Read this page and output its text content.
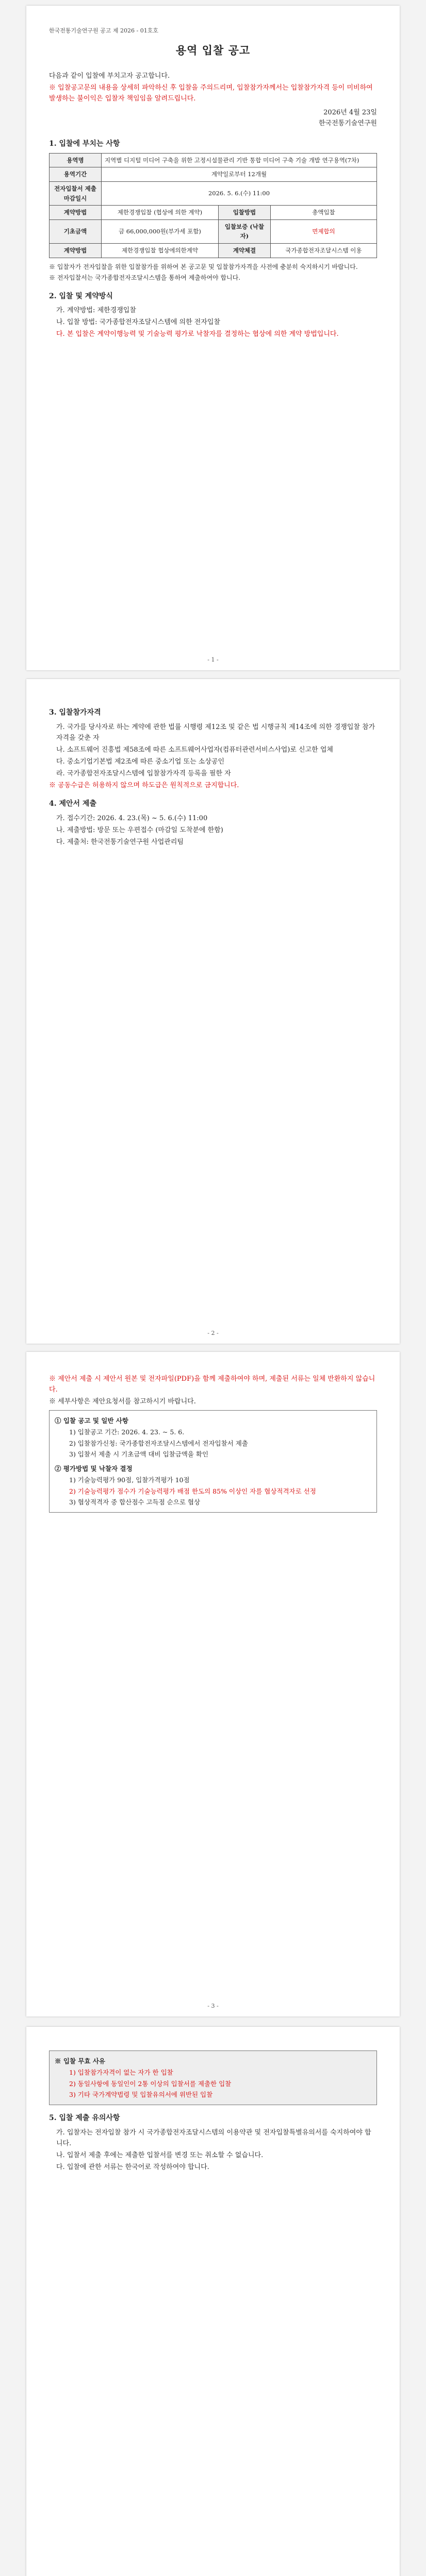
한국전통기술연구원 공고 제 2026 - 01호호
용역 입찰 공고
다음과 같이 입찰에 부치고자 공고합니다.
※ 입찰공고문의 내용을 상세히 파악하신 후 입찰을 주의드리며, 입찰참가자께서는 입찰참가자격 등이 미비하여 발생하는 불이익은 입찰자 책임임을 알려드립니다.
2026년 4월 23일
한국전통기술연구원
1. 입찰에 부치는 사항
용역명	지역별 디지털 미디어 구축을 위한 고정시설물관리 기반 통합 미디어 구축 기술 개발 연구용역(7차)		
용역기간	계약일로부터 12개월		
전자입찰서 제출마감일시	2026. 5. 6.(수) 11:00		
계약방법	제한경쟁입찰 (협상에 의한 계약)	입찰방법	총액입찰
기초금액	금 66,000,000원(부가세 포함)	입찰보증 (낙찰자)	면제합의
계약방법	제한경쟁입찰 협상에의한계약	계약체결	국가종합전자조달시스템 이용
※ 입찰자가 전자입찰을 위한 입찰참가를 위하여 본 공고문 및 입찰참가자격을 사전에 충분히 숙지하시기 바랍니다.
※ 전자입찰서는 국가종합전자조달시스템을 통하여 제출하여야 합니다.
2. 입찰 및 계약방식
가. 계약방법: 제한경쟁입찰
나. 입찰 방법: 국가종합전자조달시스템에 의한 전자입찰
다. 본 입찰은 계약이행능력 및 기술능력 평가로 낙찰자를 결정하는 협상에 의한 계약 방법입니다.
- 1 -
3. 입찰참가자격
가. 국가를 당사자로 하는 계약에 관한 법률 시행령 제12조 및 같은 법 시행규칙 제14조에 의한 경쟁입찰 참가자격을 갖춘 자
나. 소프트웨어 진흥법 제58조에 따른 소프트웨어사업자(컴퓨터관련서비스사업)로 신고한 업체
다. 중소기업기본법 제2조에 따른 중소기업 또는 소상공인
라. 국가종합전자조달시스템에 입찰참가자격 등록을 필한 자
※ 공동수급은 허용하지 않으며 하도급은 원칙적으로 금지합니다.
4. 제안서 제출
가. 접수기간: 2026. 4. 23.(목) ~ 5. 6.(수) 11:00
나. 제출방법: 방문 또는 우편접수 (마감일 도착분에 한함)
다. 제출처: 한국전통기술연구원 사업관리팀
- 2 -
※ 제안서 제출 시 제안서 원본 및 전자파일(PDF)을 함께 제출하여야 하며, 제출된 서류는 일체 반환하지 않습니다.
※ 세부사항은 제안요청서를 참고하시기 바랍니다.
① 입찰 공고 및 일반 사항
1) 입찰공고 기간: 2026. 4. 23. ~ 5. 6.
2) 입찰참가신청: 국가종합전자조달시스템에서 전자입찰서 제출
3) 입찰서 제출 시 기초금액 대비 입찰금액을 확인
② 평가방법 및 낙찰자 결정
1) 기술능력평가 90점, 입찰가격평가 10점
2) 기술능력평가 점수가 기술능력평가 배점 한도의 85% 이상인 자를 협상적격자로 선정
3) 협상적격자 중 합산점수 고득점 순으로 협상
- 3 -
※ 입찰 무효 사유
1) 입찰참가자격이 없는 자가 한 입찰
2) 동일사항에 동일인이 2통 이상의 입찰서를 제출한 입찰
3) 기타 국가계약법령 및 입찰유의서에 위반된 입찰
5. 입찰 제출 유의사항
가. 입찰자는 전자입찰 참가 시 국가종합전자조달시스템의 이용약관 및 전자입찰특별유의서를 숙지하여야 합니다.
나. 입찰서 제출 후에는 제출한 입찰서를 변경 또는 취소할 수 없습니다.
다. 입찰에 관한 서류는 한국어로 작성하여야 합니다.
